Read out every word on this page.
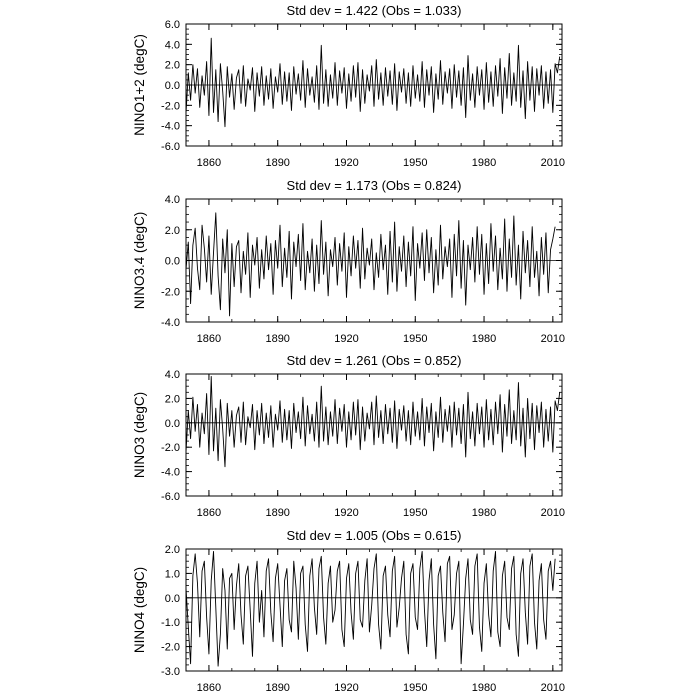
Std dev = 1.422 (Obs = 1.033)
NINO1+2 (degC)
-6.0
-4.0
-2.0
0.0
2.0
4.0
6.0
1860	1890	1920	1950	1980	2010
Std dev = 1.173 (Obs = 0.824)
NINO3.4 (degC)
-4.0
-2.0
0.0
2.0
4.0
1860	1890	1920	1950	1980	2010
Std dev = 1.261 (Obs = 0.852)
NINO3 (degC)
-6.0
-4.0
-2.0
0.0
2.0
4.0
1860	1890	1920	1950	1980	2010
Std dev = 1.005 (Obs = 0.615)
NINO4 (degC)
-3.0
-2.0
-1.0
0.0
1.0
2.0
1860	1890	1920	1950	1980	2010
